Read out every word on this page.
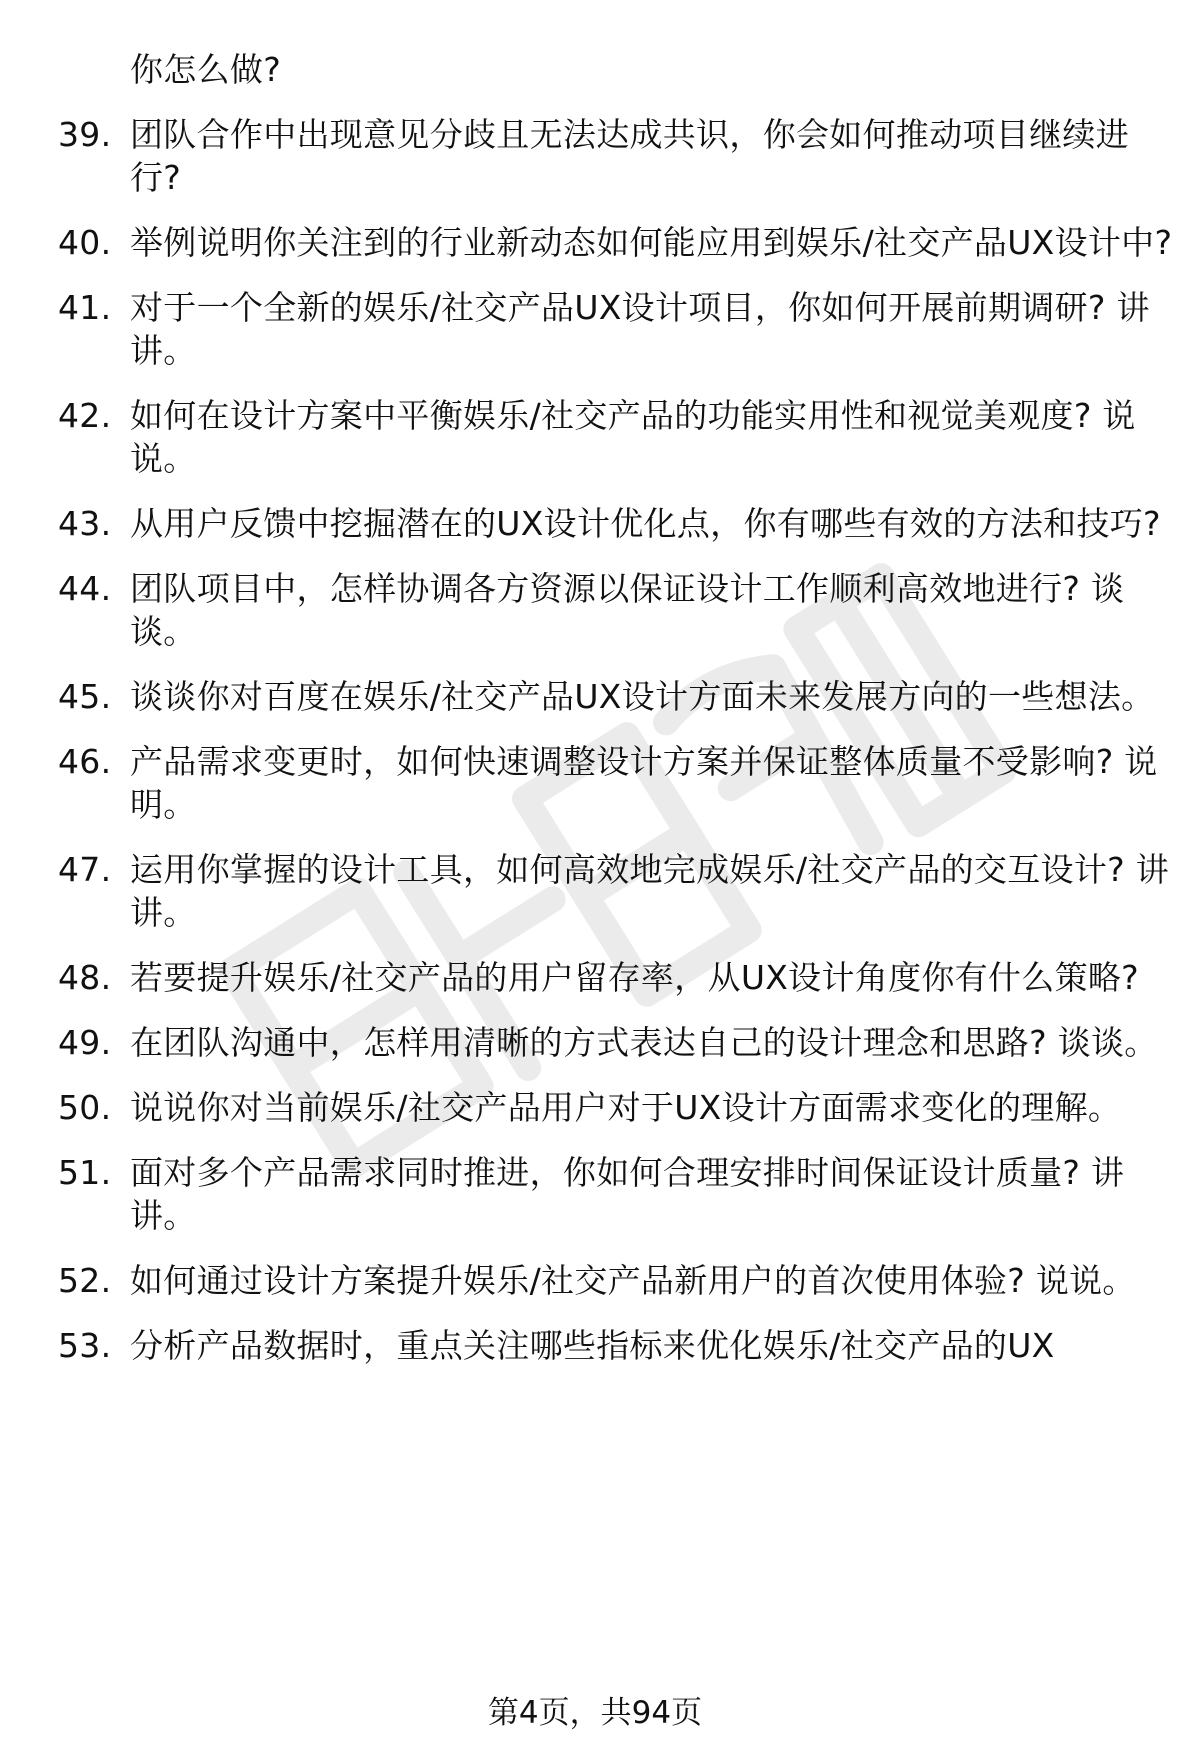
你怎么做?
39. 团队合作中出现意见分歧且无法达成共识，你会如何推动项目继续进行?
40. 举例说明你关注到的行业新动态如何能应用到娱乐/社交产品UX设计中?
41. 对于一个全新的娱乐/社交产品UX设计项目，你如何开展前期调研? 讲讲。
42. 如何在设计方案中平衡娱乐/社交产品的功能实用性和视觉美观度? 说说。
43. 从用户反馈中挖掘潜在的UX设计优化点，你有哪些有效的方法和技巧?
44. 团队项目中，怎样协调各方资源以保证设计工作顺利高效地进行? 谈谈。
45. 谈谈你对百度在娱乐/社交产品UX设计方面未来发展方向的一些想法。
46. 产品需求变更时，如何快速调整设计方案并保证整体质量不受影响? 说明。
47. 运用你掌握的设计工具，如何高效地完成娱乐/社交产品的交互设计? 讲讲。
48. 若要提升娱乐/社交产品的用户留存率，从UX设计角度你有什么策略?
49. 在团队沟通中，怎样用清晰的方式表达自己的设计理念和思路? 谈谈。
50. 说说你对当前娱乐/社交产品用户对于UX设计方面需求变化的理解。
51. 面对多个产品需求同时推进，你如何合理安排时间保证设计质量? 讲讲。
52. 如何通过设计方案提升娱乐/社交产品新用户的首次使用体验? 说说。
53. 分析产品数据时，重点关注哪些指标来优化娱乐/社交产品的UX
第4页，共94页
